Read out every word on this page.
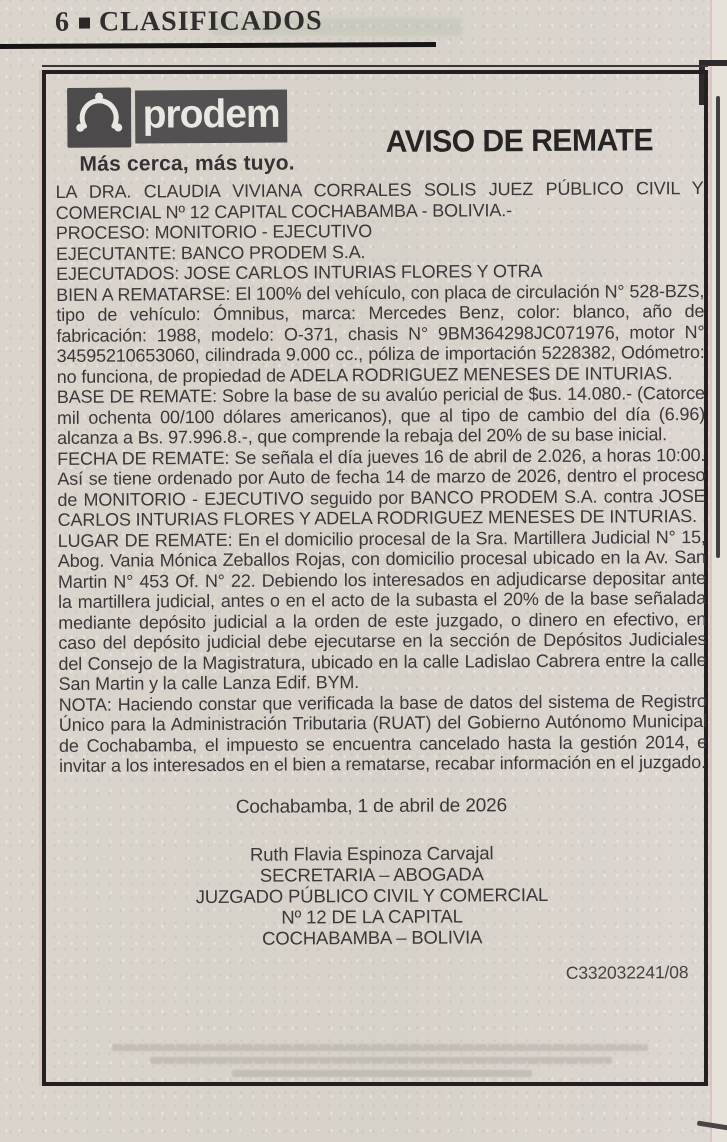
6 CLASIFICADOS
prodem
Más cerca, más tuyo.
AVISO DE REMATE

LA DRA. CLAUDIA VIVIANA CORRALES SOLIS JUEZ PÚBLICO CIVIL Y COMERCIAL Nº 12 CAPITAL COCHABAMBA - BOLIVIA.-

PROCESO: MONITORIO - EJECUTIVO

EJECUTANTE: BANCO PRODEM S.A.

EJECUTADOS: JOSE CARLOS INTURIAS FLORES Y OTRA

BIEN A REMATARSE: El 100% del vehículo, con placa de circulación N° 528-BZS, tipo de vehículo: Ómnibus, marca: Mercedes Benz, color: blanco, año de fabricación: 1988, modelo: O-371, chasis N° 9BM364298JC071976, motor N° 34595210653060, cilindrada 9.000 cc., póliza de importación 5228382, Odómetro: no funciona, de propiedad de ADELA RODRIGUEZ MENESES DE INTURIAS.

BASE DE REMATE: Sobre la base de su avalúo pericial de $us. 14.080.- (Catorce mil ochenta 00/100 dólares americanos), que al tipo de cambio del día (6.96) alcanza a Bs. 97.996.8.-, que comprende la rebaja del 20% de su base inicial.

FECHA DE REMATE: Se señala el día jueves 16 de abril de 2.026, a horas 10:00. Así se tiene ordenado por Auto de fecha 14 de marzo de 2026, dentro el proceso de MONITORIO - EJECUTIVO seguido por BANCO PRODEM S.A. contra JOSE CARLOS INTURIAS FLORES Y ADELA RODRIGUEZ MENESES DE INTURIAS.

LUGAR DE REMATE: En el domicilio procesal de la Sra. Martillera Judicial N° 15, Abog. Vania Mónica Zeballos Rojas, con domicilio procesal ubicado en la Av. San Martin N° 453 Of. N° 22. Debiendo los interesados en adjudicarse depositar ante la martillera judicial, antes o en el acto de la subasta el 20% de la base señalada mediante depósito judicial a la orden de este juzgado, o dinero en efectivo, en caso del depósito judicial debe ejecutarse en la sección de Depósitos Judiciales del Consejo de la Magistratura, ubicado en la calle Ladislao Cabrera entre la calle San Martin y la calle Lanza Edif. BYM.

NOTA: Haciendo constar que verificada la base de datos del sistema de Registro Único para la Administración Tributaria (RUAT) del Gobierno Autónomo Municipal de Cochabamba, el impuesto se encuentra cancelado hasta la gestión 2014, e invitar a los interesados en el bien a rematarse, recabar información en el juzgado.

Cochabamba, 1 de abril de 2026
Ruth Flavia Espinoza Carvajal
SECRETARIA – ABOGADA
JUZGADO PÚBLICO CIVIL Y COMERCIAL
Nº 12 DE LA CAPITAL
COCHABAMBA – BOLIVIA
C332032241/08
